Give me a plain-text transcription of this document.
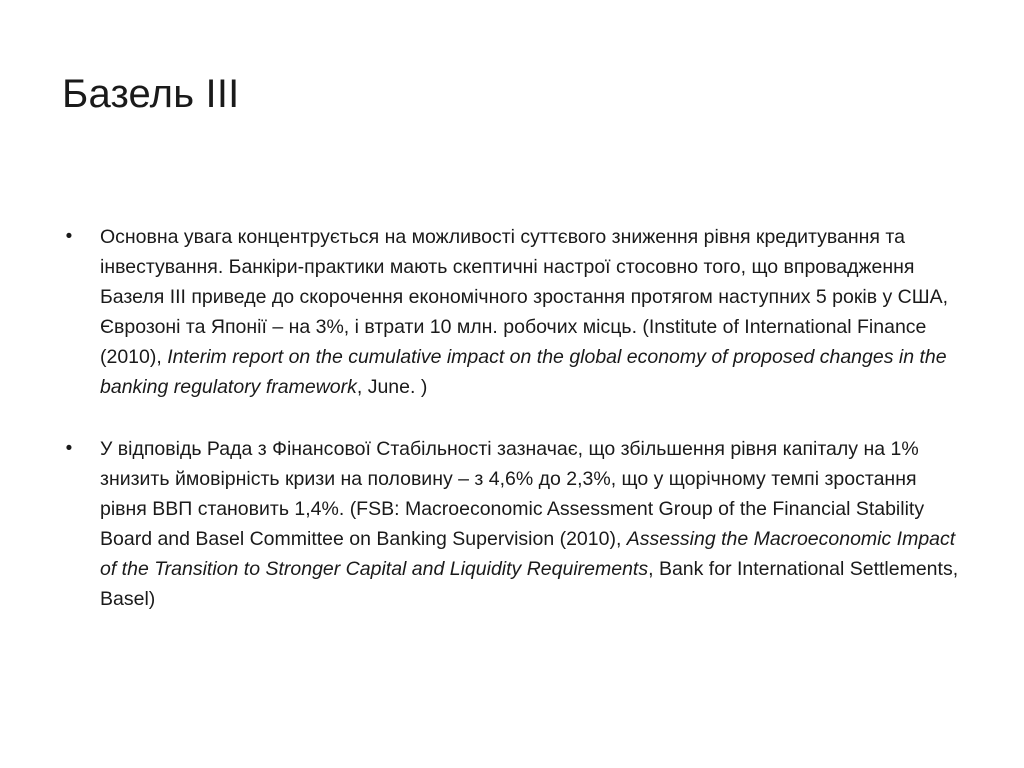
Базель III
• Основна увага концентрується на можливості суттєвого зниження рівня кредитування та інвестування. Банкіри-практики мають скептичні настрої стосовно того, що впровадження Базеля ІІІ приведе до скорочення економічного зростання протягом наступних 5 років у США, Єврозоні та Японії – на 3%, і втрати 10 млн. робочих місць. (Institute of International Finance (2010), Interim report on the cumulative impact on the global economy of proposed changes in the banking regulatory framework, June. )
• У відповідь Рада з Фінансової Стабільності зазначає, що збільшення рівня капіталу на 1% знизить ймовірність кризи на половину – з 4,6% до 2,3%, що у щорічному темпі зростання рівня ВВП становить 1,4%. (FSB: Macroeconomic Assessment Group of the Financial Stability Board and Basel Committee on Banking Supervision (2010), Assessing the Macroeconomic Impact of the Transition to Stronger Capital and Liquidity Requirements, Bank for International Settlements, Basel)
